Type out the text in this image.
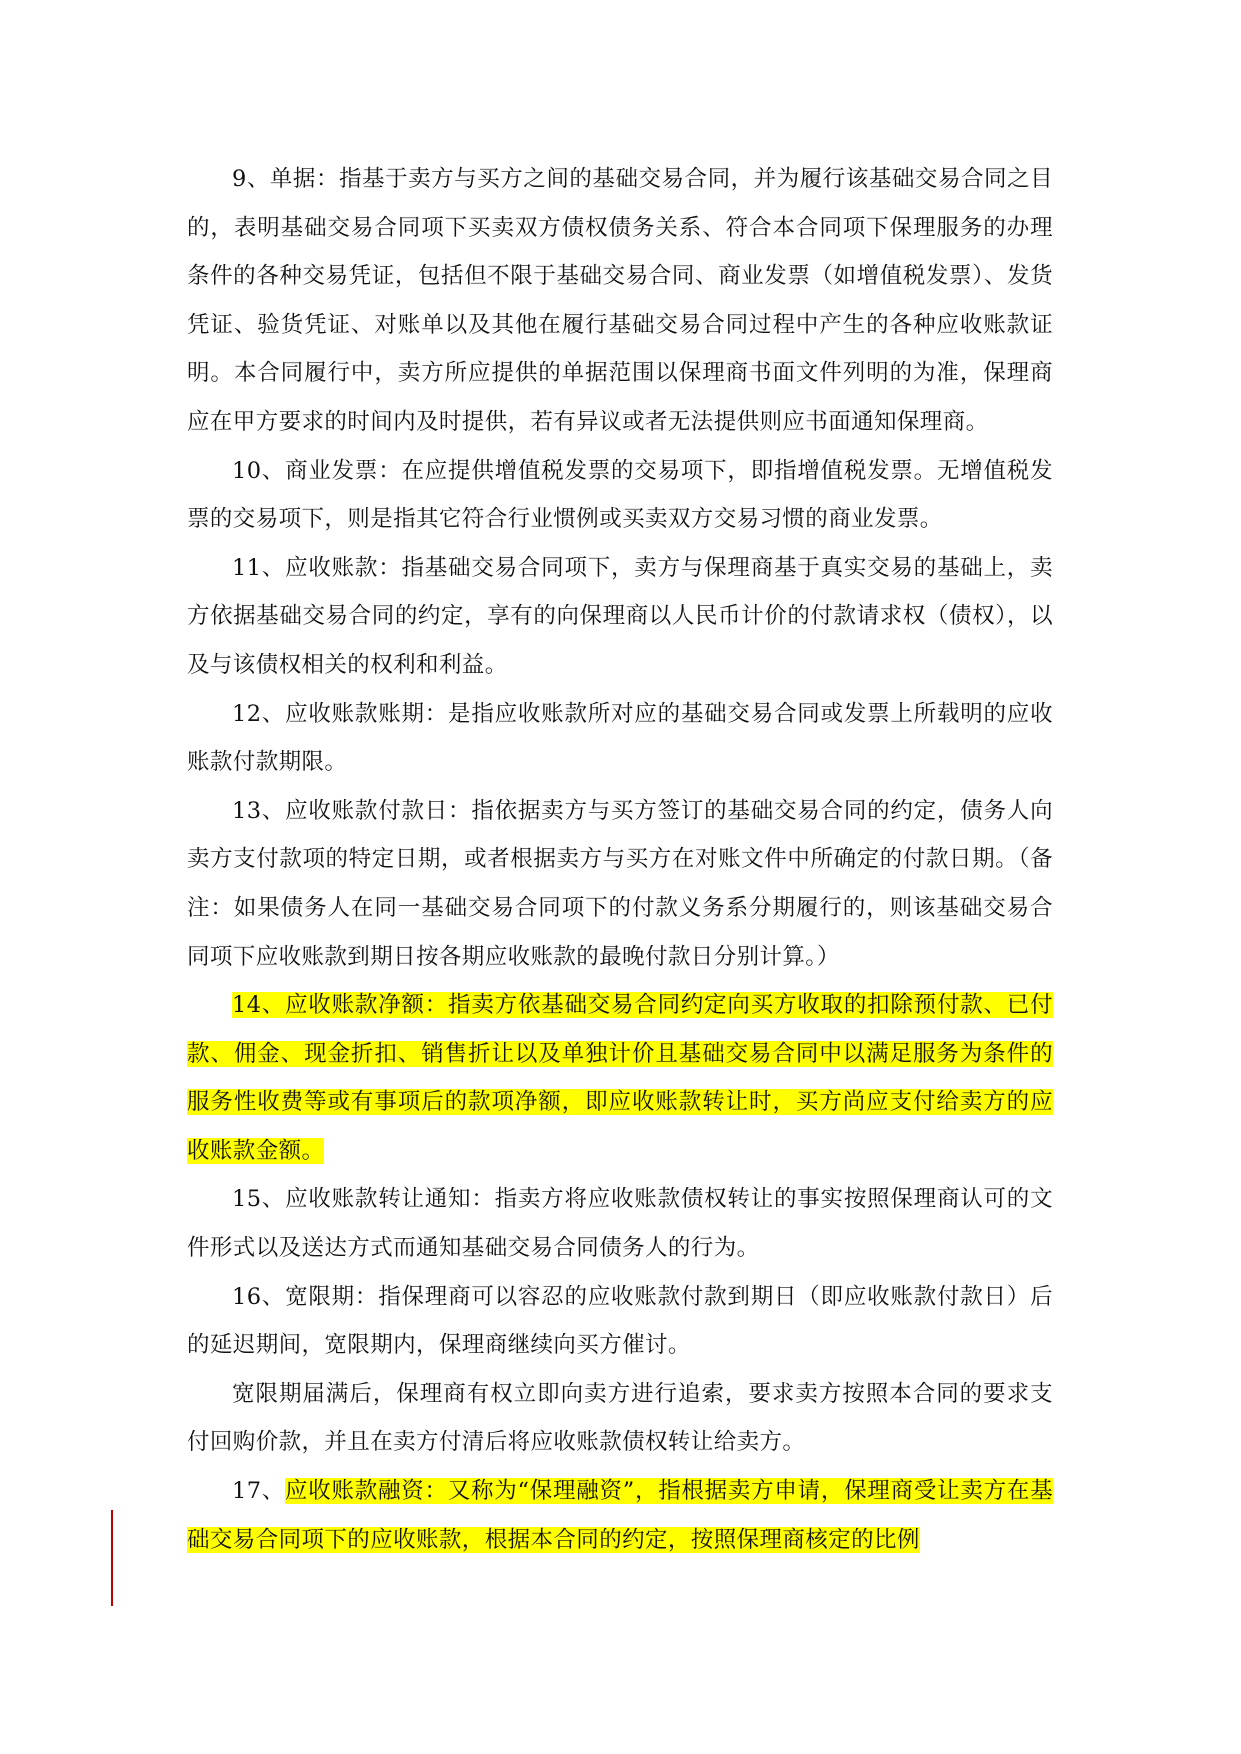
9、单据：指基于卖方与买方之间的基础交易合同，并为履行该基础交易合同之目的，表明基础交易合同项下买卖双方债权债务关系、符合本合同项下保理服务的办理条件的各种交易凭证，包括但不限于基础交易合同、商业发票（如增值税发票）、发货凭证、验货凭证、对账单以及其他在履行基础交易合同过程中产生的各种应收账款证明。本合同履行中，卖方所应提供的单据范围以保理商书面文件列明的为准，保理商应在甲方要求的时间内及时提供，若有异议或者无法提供则应书面通知保理商。

10、商业发票：在应提供增值税发票的交易项下，即指增值税发票。无增值税发票的交易项下，则是指其它符合行业惯例或买卖双方交易习惯的商业发票。

11、应收账款：指基础交易合同项下，卖方与保理商基于真实交易的基础上，卖方依据基础交易合同的约定，享有的向保理商以人民币计价的付款请求权（债权），以及与该债权相关的权利和利益。

12、应收账款账期：是指应收账款所对应的基础交易合同或发票上所载明的应收账款付款期限。

13、应收账款付款日：指依据卖方与买方签订的基础交易合同的约定，债务人向卖方支付款项的特定日期，或者根据卖方与买方在对账文件中所确定的付款日期。（备注：如果债务人在同一基础交易合同项下的付款义务系分期履行的，则该基础交易合同项下应收账款到期日按各期应收账款的最晚付款日分别计算。）

14、应收账款净额：指卖方依基础交易合同约定向买方收取的扣除预付款、已付款、佣金、现金折扣、销售折让以及单独计价且基础交易合同中以满足服务为条件的服务性收费等或有事项后的款项净额，即应收账款转让时，买方尚应支付给卖方的应收账款金额。

15、应收账款转让通知：指卖方将应收账款债权转让的事实按照保理商认可的文件形式以及送达方式而通知基础交易合同债务人的行为。

16、宽限期：指保理商可以容忍的应收账款付款到期日（即应收账款付款日）后的延迟期间，宽限期内，保理商继续向买方催讨。

宽限期届满后，保理商有权立即向卖方进行追索，要求卖方按照本合同的要求支付回购价款，并且在卖方付清后将应收账款债权转让给卖方。

17、应收账款融资：又称为“保理融资”，指根据卖方申请，保理商受让卖方在基础交易合同项下的应收账款，根据本合同的约定，按照保理商核定的比例
